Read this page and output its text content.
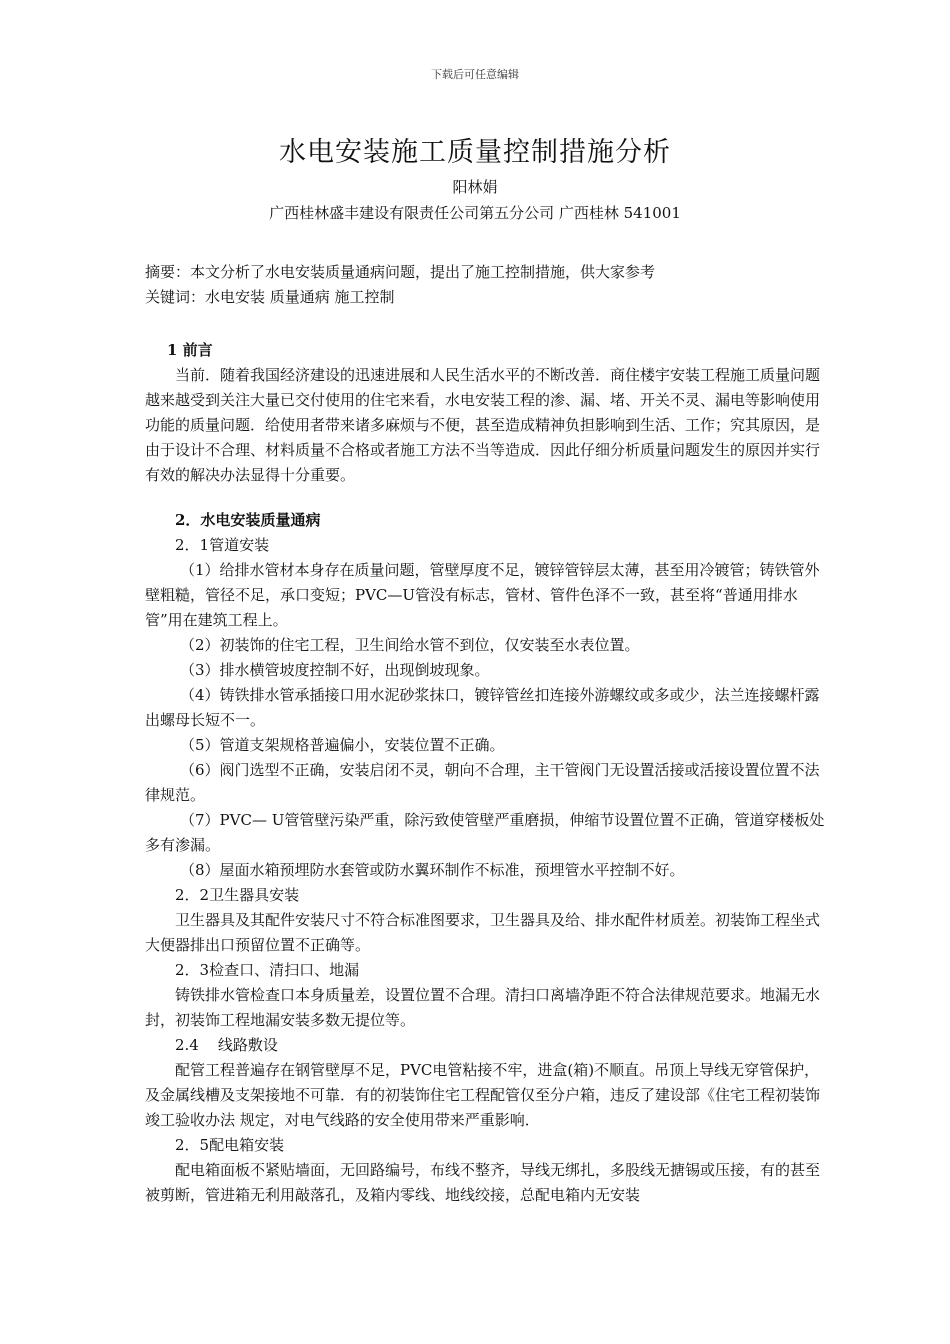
下载后可任意编辑
水电安装施工质量控制措施分析
阳林娟
广西桂林盛丰建设有限责任公司第五分公司 广西桂林 541001

摘要：本文分析了水电安装质量通病问题，提出了施工控制措施，供大家参考

关键词：水电安装 质量通病 施工控制

1 前言

当前．随着我国经济建设的迅速进展和人民生活水平的不断改善．商住楼宇安装工程施工质量问题越来越受到关注大量已交付使用的住宅来看，水电安装工程的渗、漏、堵、开关不灵、漏电等影响使用功能的质量问题．给使用者带来诸多麻烦与不便，甚至造成精神负担影响到生活、工作；究其原因，是由于设计不合理、材料质量不合格或者施工方法不当等造成．因此仔细分析质量问题发生的原因并实行有效的解决办法显得十分重要。

2．水电安装质量通病

2．1管道安装

（1）给排水管材本身存在质量问题，管壁厚度不足，镀锌管锌层太薄，甚至用冷镀管；铸铁管外壁粗糙，管径不足，承口变短；PVC—U管没有标志，管材、管件色泽不一致，甚至将“普通用排水管”用在建筑工程上。

（2）初装饰的住宅工程，卫生间给水管不到位，仅安装至水表位置。

（3）排水横管坡度控制不好，出现倒坡现象。

（4）铸铁排水管承插接口用水泥砂浆抹口，镀锌管丝扣连接外游螺纹或多或少，法兰连接螺杆露出螺母长短不一。

（5）管道支架规格普遍偏小，安装位置不正确。

（6）阀门选型不正确，安装启闭不灵，朝向不合理，主干管阀门无设置活接或活接设置位置不法律规范。

（7）PVC— U管管壁污染严重，除污致使管壁严重磨损，伸缩节设置位置不正确，管道穿楼板处多有渗漏。

（8）屋面水箱预埋防水套管或防水翼环制作不标准，预埋管水平控制不好。

2．2卫生器具安装

卫生器具及其配件安装尺寸不符合标准图要求，卫生器具及给、排水配件材质差。初装饰工程坐式大便器排出口预留位置不正确等。

2．3检查口、清扫口、地漏

铸铁排水管检查口本身质量差，设置位置不合理。清扫口离墙净距不符合法律规范要求。地漏无水封，初装饰工程地漏安装多数无提位等。

2.4    线路敷设

配管工程普遍存在钢管壁厚不足，PVC电管粘接不牢，进盒(箱)不顺直。吊顶上导线无穿管保护，及金属线槽及支架接地不可靠．有的初装饰住宅工程配管仅至分户箱，违反了建设部《住宅工程初装饰竣工验收办法 规定，对电气线路的安全使用带来严重影响．

2．5配电箱安装

配电箱面板不紧贴墙面，无回路编号，布线不整齐，导线无绑扎，多股线无搪锡或压接，有的甚至被剪断，管进箱无利用敲落孔，及箱内零线、地线绞接，总配电箱内无安装
